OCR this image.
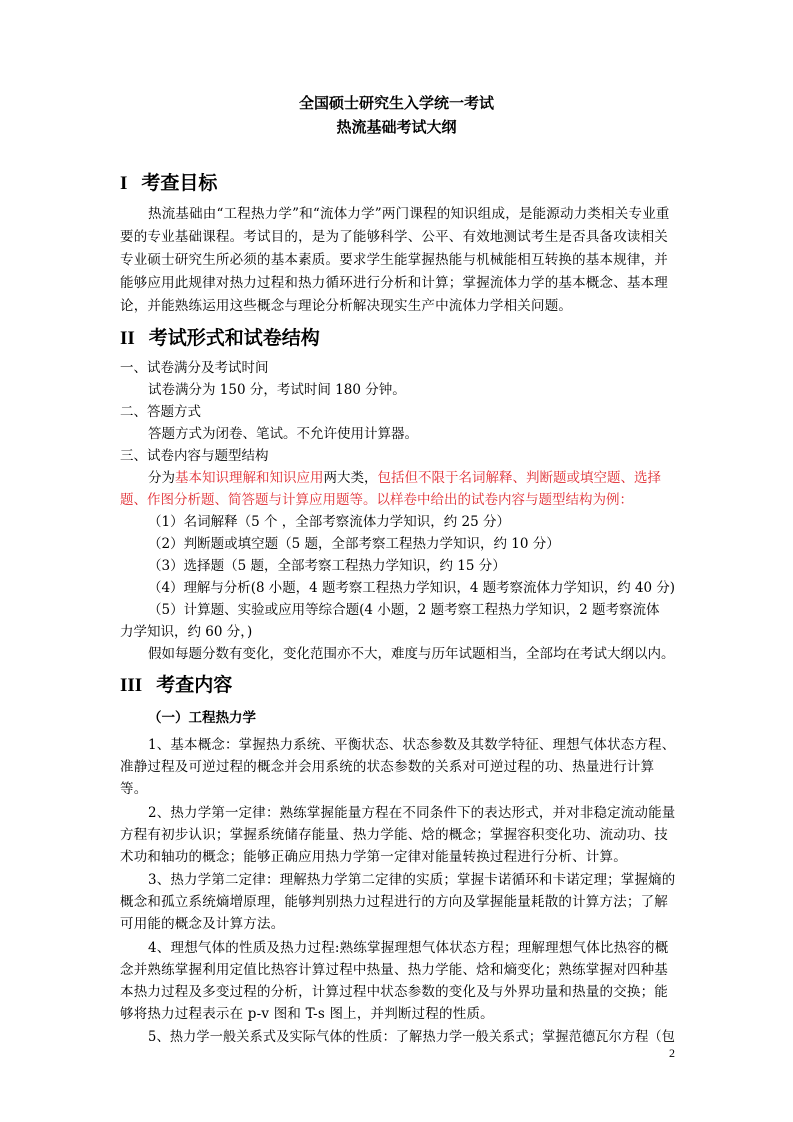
全国硕士研究生入学统一考试
热流基础考试大纲
I 考查目标
热流基础由“工程热力学”和“流体力学”两门课程的知识组成，是能源动力类相关专业重
要的专业基础课程。考试目的，是为了能够科学、公平、有效地测试考生是否具备攻读相关
专业硕士研究生所必须的基本素质。要求学生能掌握热能与机械能相互转换的基本规律，并
能够应用此规律对热力过程和热力循环进行分析和计算；掌握流体力学的基本概念、基本理
论，并能熟练运用这些概念与理论分析解决现实生产中流体力学相关问题。
II 考试形式和试卷结构
一、试卷满分及考试时间
试卷满分为 150 分，考试时间 180 分钟。
二、答题方式
答题方式为闭卷、笔试。不允许使用计算器。
三、试卷内容与题型结构
分为基本知识理解和知识应用两大类，包括但不限于名词解释、判断题或填空题、选择
题、作图分析题、简答题与计算应用题等。以样卷中给出的试卷内容与题型结构为例：
（1）名词解释（5 个 ，全部考察流体力学知识，约 25 分）
（2）判断题或填空题（5 题，全部考察工程热力学知识，约 10 分）
（3）选择题（5 题，全部考察工程热力学知识，约 15 分）
（4）理解与分析(8 小题，4 题考察工程热力学知识，4 题考察流体力学知识，约 40 分)
（5）计算题、实验或应用等综合题(4 小题，2 题考察工程热力学知识，2 题考察流体
力学知识，约 60 分，)
假如每题分数有变化，变化范围亦不大，难度与历年试题相当，全部均在考试大纲以内。
III 考查内容
（一）工程热力学
1、基本概念：掌握热力系统、平衡状态、状态参数及其数学特征、理想气体状态方程、
准静过程及可逆过程的概念并会用系统的状态参数的关系对可逆过程的功、热量进行计算
等。
2、热力学第一定律：熟练掌握能量方程在不同条件下的表达形式，并对非稳定流动能量
方程有初步认识；掌握系统储存能量、热力学能、焓的概念；掌握容积变化功、流动功、技
术功和轴功的概念；能够正确应用热力学第一定律对能量转换过程进行分析、计算。
3、热力学第二定律：理解热力学第二定律的实质；掌握卡诺循环和卡诺定理；掌握熵的
概念和孤立系统熵增原理，能够判别热力过程进行的方向及掌握能量耗散的计算方法；了解
可用能的概念及计算方法。
4、理想气体的性质及热力过程:熟练掌握理想气体状态方程；理解理想气体比热容的概
念并熟练掌握利用定值比热容计算过程中热量、热力学能、焓和熵变化；熟练掌握对四种基
本热力过程及多变过程的分析，计算过程中状态参数的变化及与外界功量和热量的交换；能
够将热力过程表示在 p-v 图和 T-s 图上，并判断过程的性质。
5、热力学一般关系式及实际气体的性质：了解热力学一般关系式；掌握范德瓦尔方程（包
2
